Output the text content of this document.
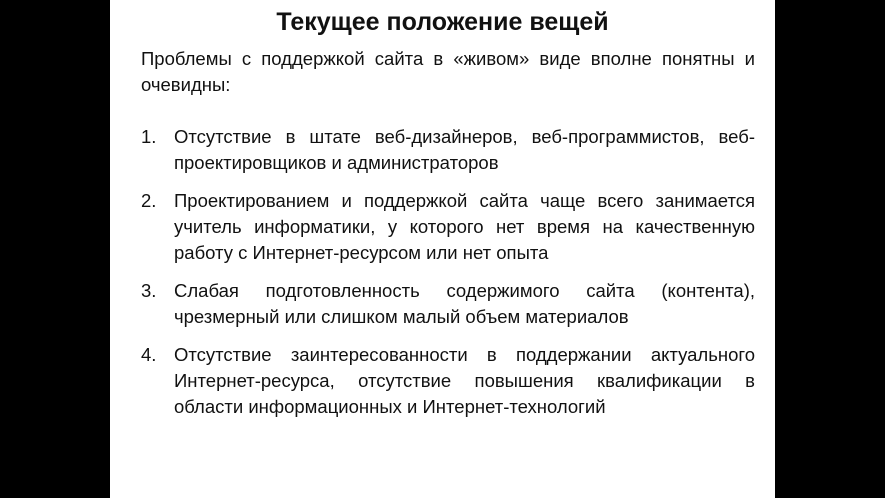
Текущее положение вещей
Проблемы с поддержкой сайта в «живом» виде вполне понятны и очевидны:
1. Отсутствие в штате веб-дизайнеров, веб-программистов, веб-проектировщиков и администраторов
2. Проектированием и поддержкой сайта чаще всего занимается учитель информатики, у которого нет время на качественную работу с Интернет-ресурсом или нет опыта
3. Слабая подготовленность содержимого сайта (контента), чрезмерный или слишком малый объем материалов
4. Отсутствие заинтересованности в поддержании актуального Интернет-ресурса, отсутствие повышения квалификации в области информационных и Интернет-технологий
